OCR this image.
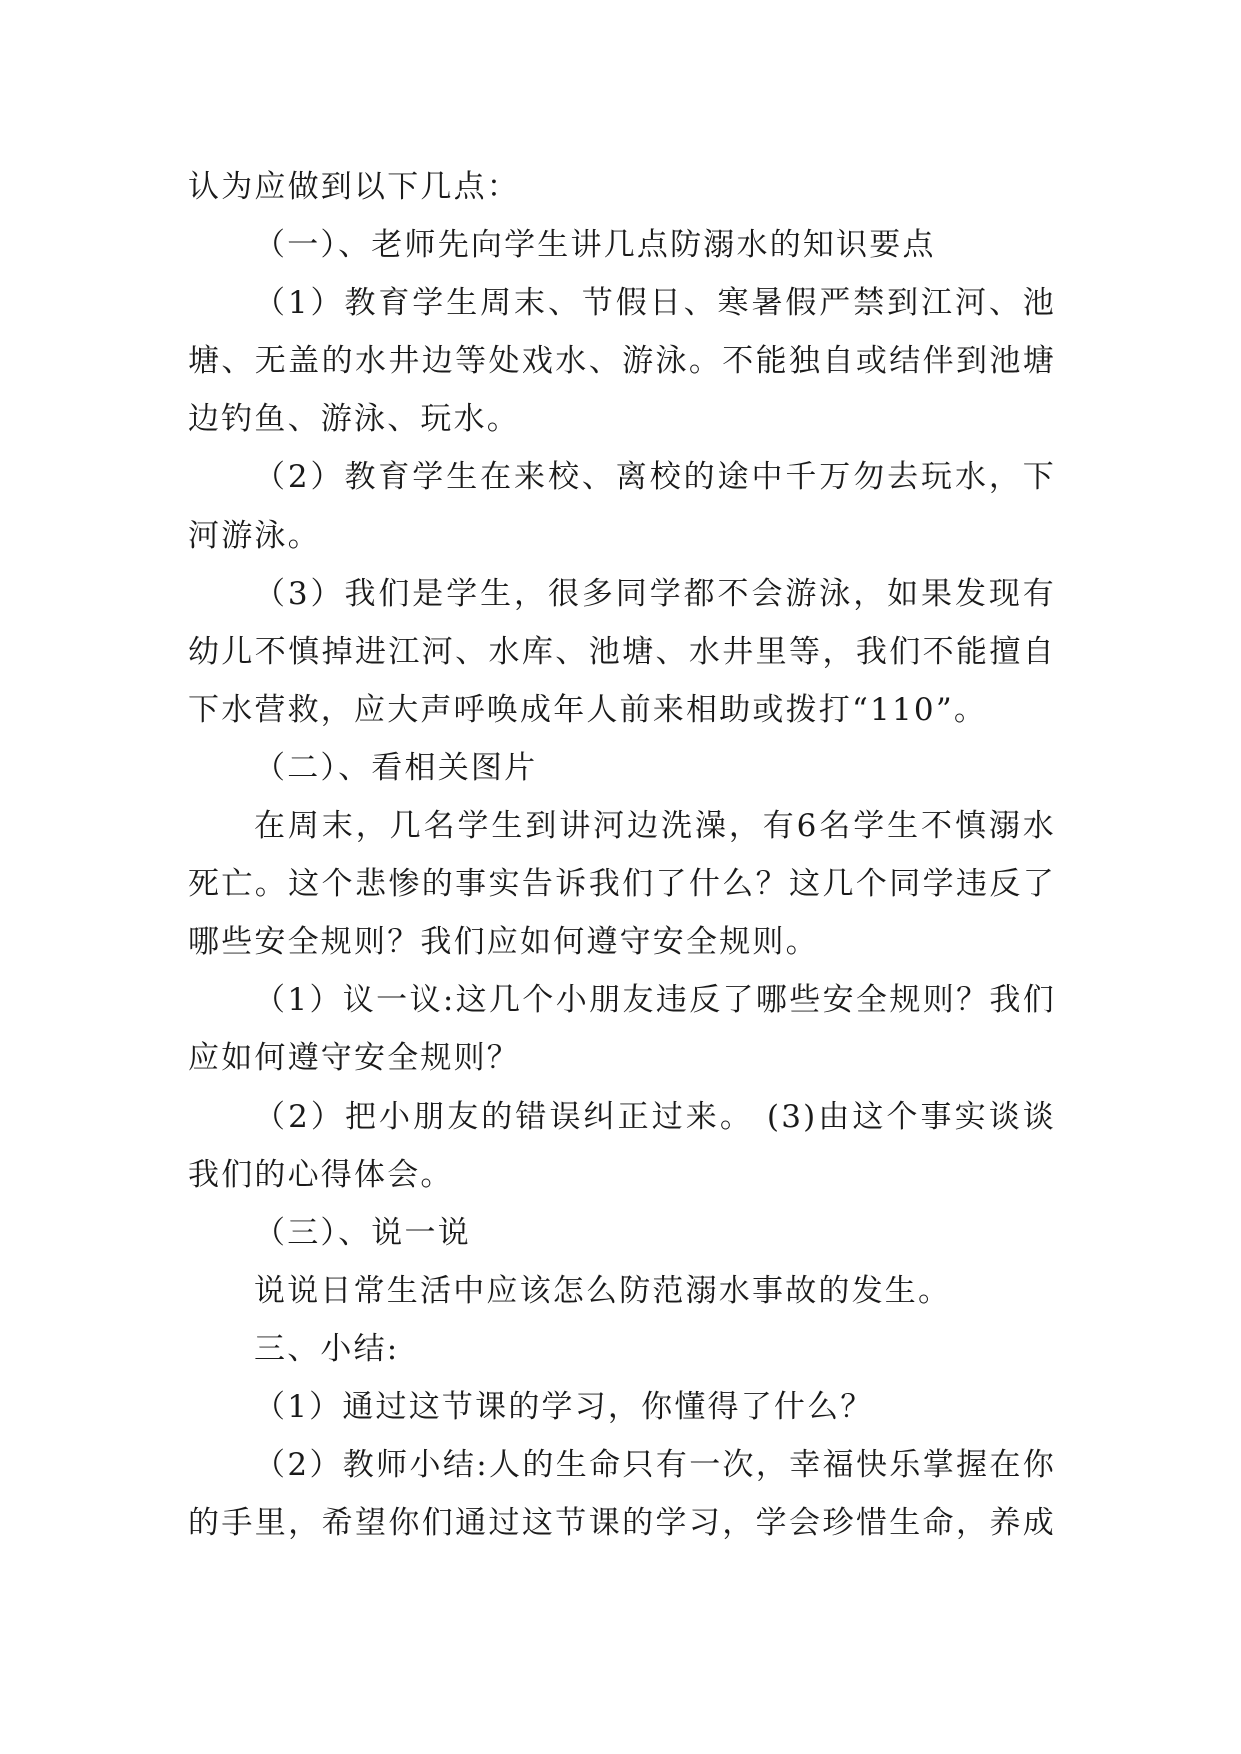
认为应做到以下几点：
（一）、老师先向学生讲几点防溺水的知识要点
（1）教育学生周末、节假日、寒暑假严禁到江河、池
塘、无盖的水井边等处戏水、游泳。不能独自或结伴到池塘
边钓鱼、游泳、玩水。
（2）教育学生在来校、离校的途中千万勿去玩水，下
河游泳。
（3）我们是学生，很多同学都不会游泳，如果发现有
幼儿不慎掉进江河、水库、池塘、水井里等，我们不能擅自
下水营救，应大声呼唤成年人前来相助或拨打“110”。
（二）、看相关图片
在周末，几名学生到讲河边洗澡，有6名学生不慎溺水
死亡。这个悲惨的事实告诉我们了什么？这几个同学违反了
哪些安全规则？我们应如何遵守安全规则。
（1）议一议:这几个小朋友违反了哪些安全规则？我们
应如何遵守安全规则？
（2）把小朋友的错误纠正过来。 (3)由这个事实谈谈
我们的心得体会。
（三）、说一说
说说日常生活中应该怎么防范溺水事故的发生。
三、小结:
（1）通过这节课的学习，你懂得了什么？
（2）教师小结:人的生命只有一次，幸福快乐掌握在你
的手里，希望你们通过这节课的学习，学会珍惜生命，养成
